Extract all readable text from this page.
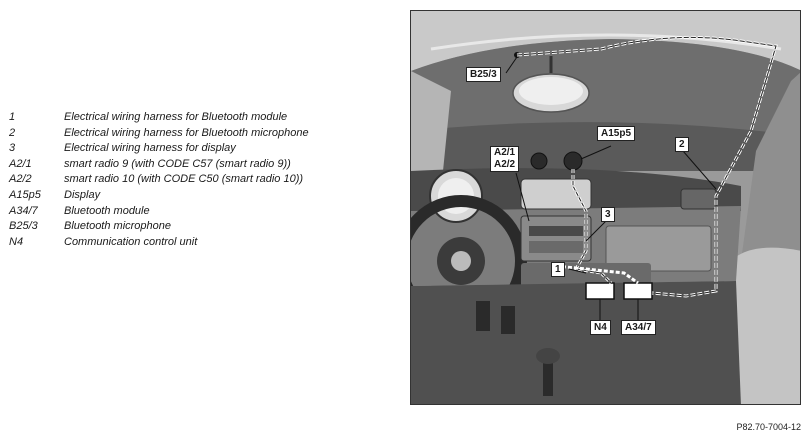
1	Electrical wiring harness for Bluetooth module
2	Electrical wiring harness for Bluetooth microphone
3	Electrical wiring harness for display
A2/1	smart radio 9 (with CODE C57 (smart radio 9))
A2/2	smart radio 10 (with CODE C50 (smart radio 10))
A15p5	Display
A34/7	Bluetooth module
B25/3	Bluetooth microphone
N4	Communication control unit
B25/3
A15p5
A2/1
A2/2
2
3
1
N4	A34/7
P82.70-7004-12
